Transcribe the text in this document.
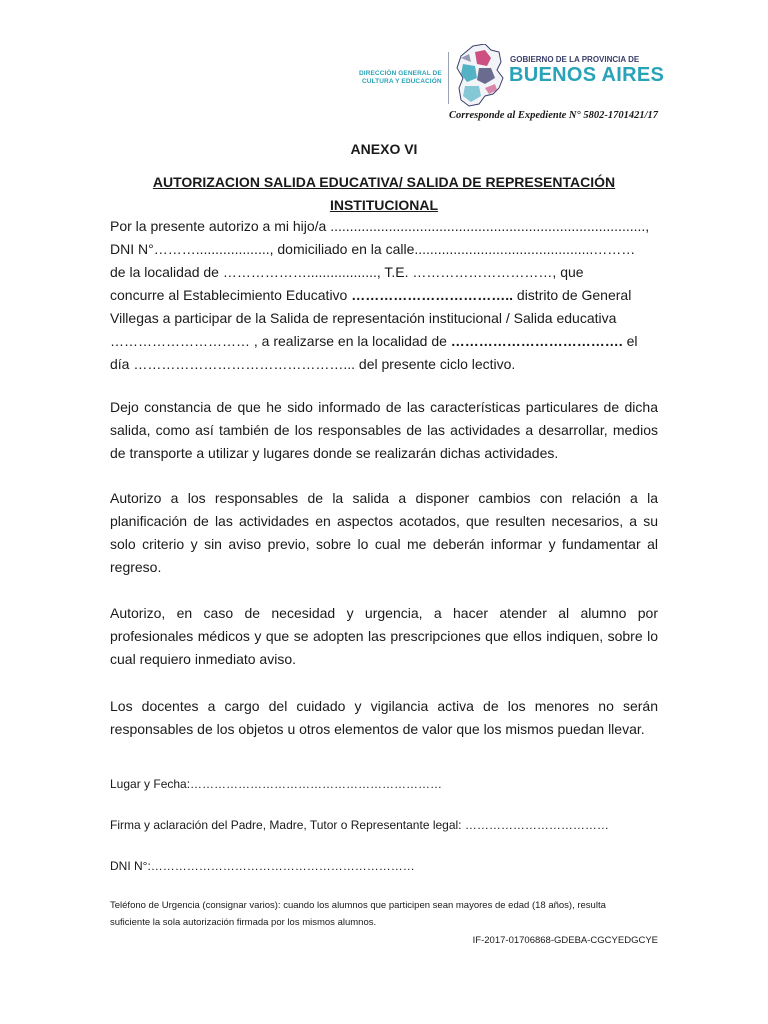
DIRECCIÓN GENERAL DE
CULTURA Y EDUCACIÓN
GOBIERNO DE LA PROVINCIA DE
BUENOS AIRES
Corresponde al Expediente N° 5802-1701421/17
ANEXO VI
AUTORIZACION SALIDA EDUCATIVA/ SALIDA DE REPRESENTACIÓN
INSTITUCIONAL
Por la presente autorizo a mi hijo/a .................................................................................,
DNI N°………..................., domiciliado en la calle..............................................………
de la localidad de ……………….................., T.E. …………………………, que
concurre al Establecimiento Educativo …………………………….. distrito de General
Villegas a participar de la Salida de representación institucional / Salida educativa
………………………… , a realizarse en la localidad de ………………………………. el
día ………………………………………... del presente ciclo lectivo.
Dejo constancia de que he sido informado de las características particulares de dicha
salida, como así también de los responsables de las actividades a desarrollar, medios
de transporte a utilizar y lugares donde se realizarán dichas actividades.
Autorizo a los responsables de la salida a disponer cambios con relación a la
planificación de las actividades en aspectos acotados, que resulten necesarios, a su
solo criterio y sin aviso previo, sobre lo cual me deberán informar y fundamentar al
regreso.
Autorizo, en caso de necesidad y urgencia, a hacer atender al alumno por
profesionales médicos y que se adopten las prescripciones que ellos indiquen, sobre lo
cual requiero inmediato aviso.
Los docentes a cargo del cuidado y vigilancia activa de los menores no serán
responsables de los objetos u otros elementos de valor que los mismos puedan llevar.
Lugar y Fecha:………………………………………………………
Firma y aclaración del Padre, Madre, Tutor o Representante legal: ………………………………
DNI N°:…………………………………………………………
Teléfono de Urgencia (consignar varios): cuando los alumnos que participen sean mayores de edad (18 años), resulta
suficiente la sola autorización firmada por los mismos alumnos.
IF-2017-01706868-GDEBA-CGCYEDGCYE
